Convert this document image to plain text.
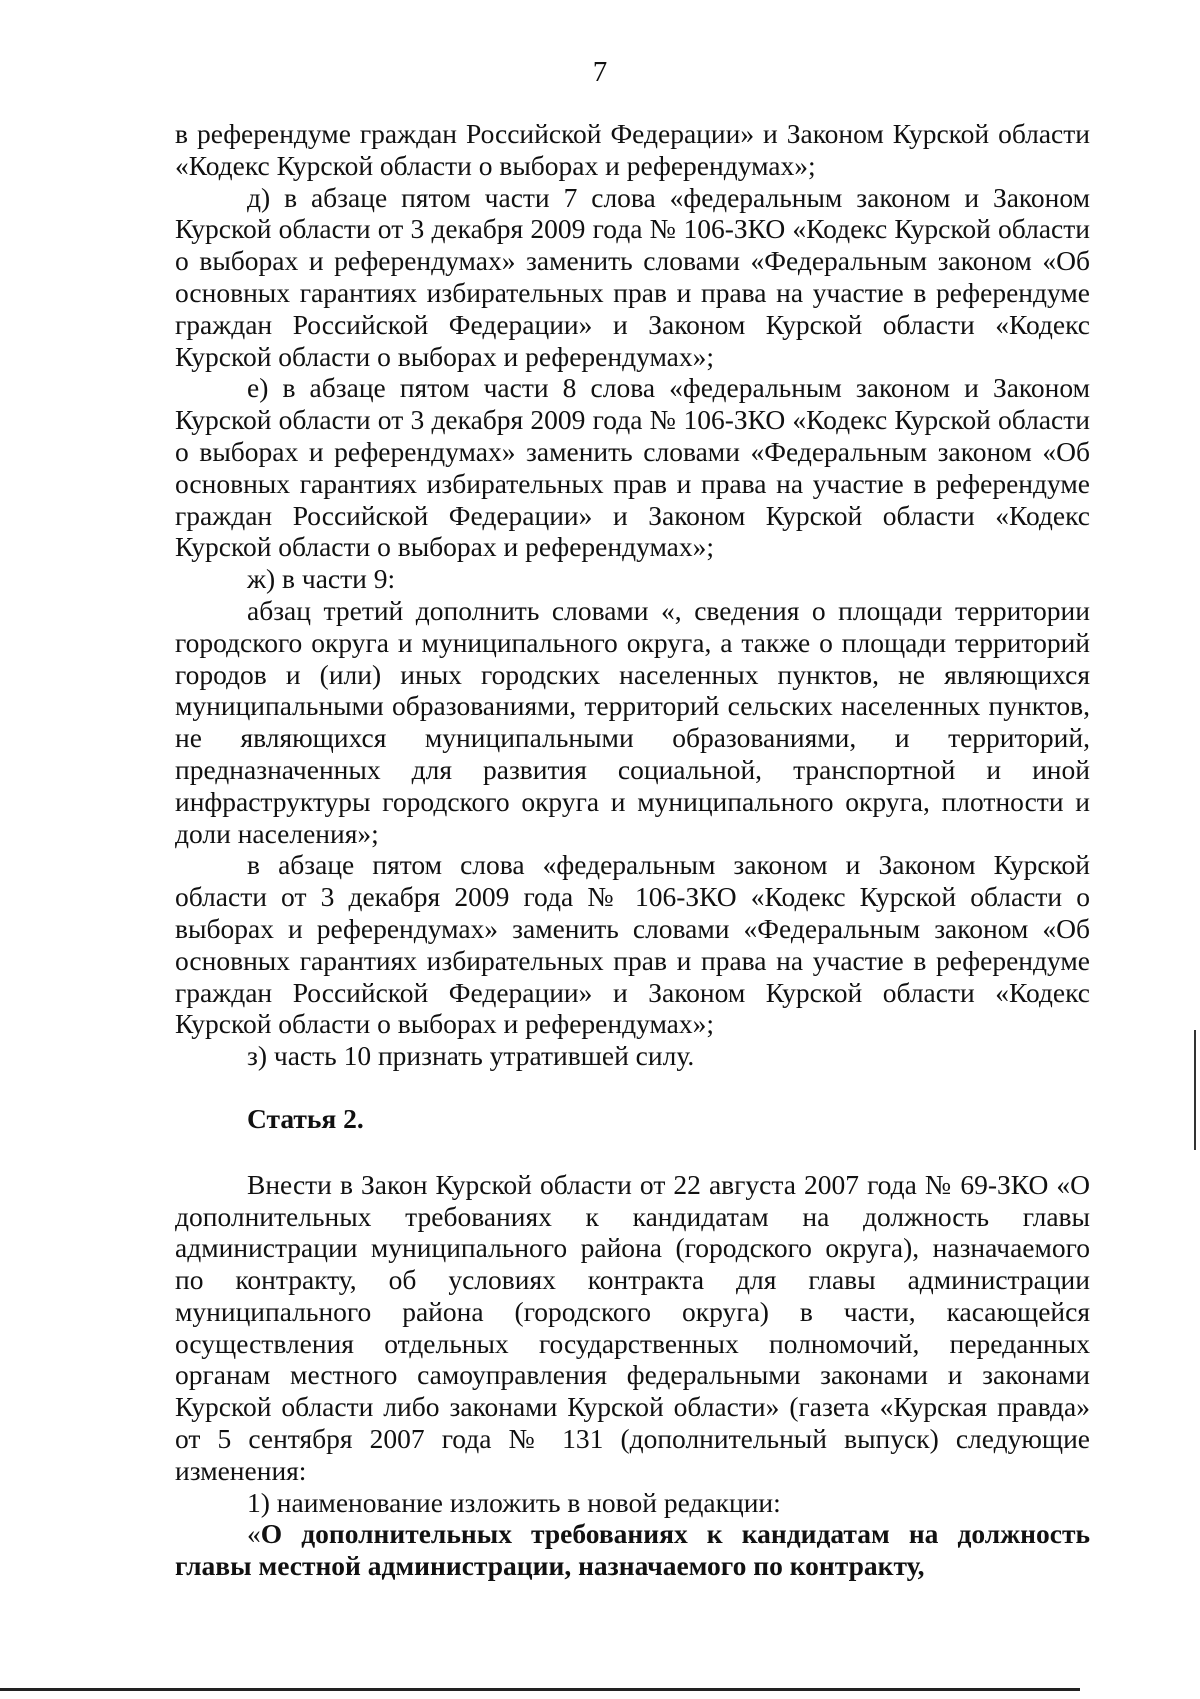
7

в референдуме граждан Российской Федерации» и Законом Курской области «Кодекс Курской области о выборах и референдумах»;

д) в абзаце пятом части 7 слова «федеральным законом и Законом Курской области от 3 декабря 2009 года № 106-ЗКО «Кодекс Курской области о выборах и референдумах» заменить словами «Федеральным законом «Об основных гарантиях избирательных прав и права на участие в референдуме граждан Российской Федерации» и Законом Курской области «Кодекс Курской области о выборах и референдумах»;

е) в абзаце пятом части 8 слова «федеральным законом и Законом Курской области от 3 декабря 2009 года № 106-ЗКО «Кодекс Курской области о выборах и референдумах» заменить словами «Федеральным законом «Об основных гарантиях избирательных прав и права на участие в референдуме граждан Российской Федерации» и Законом Курской области «Кодекс Курской области о выборах и референдумах»;

ж) в части 9:

абзац третий дополнить словами «, сведения о площади территории городского округа и муниципального округа, а также о площади территорий городов и (или) иных городских населенных пунктов, не являющихся муниципальными образованиями, территорий сельских населенных пунктов, не являющихся муниципальными образованиями, и территорий, предназначенных для развития социальной, транспортной и иной инфраструктуры городского округа и муниципального округа, плотности и доли населения»;

в абзаце пятом слова «федеральным законом и Законом Курской области от 3 декабря 2009 года № 106-ЗКО «Кодекс Курской области о выборах и референдумах» заменить словами «Федеральным законом «Об основных гарантиях избирательных прав и права на участие в референдуме граждан Российской Федерации» и Законом Курской области «Кодекс Курской области о выборах и референдумах»;

з) часть 10 признать утратившей силу.

Статья 2.

Внести в Закон Курской области от 22 августа 2007 года № 69-ЗКО «О дополнительных требованиях к кандидатам на должность главы администрации муниципального района (городского округа), назначаемого по контракту, об условиях контракта для главы администрации муниципального района (городского округа) в части, касающейся осуществления отдельных государственных полномочий, переданных органам местного самоуправления федеральными законами и законами Курской области либо законами Курской области» (газета «Курская правда» от 5 сентября 2007 года № 131 (дополнительный выпуск) следующие изменения:

1) наименование изложить в новой редакции:

«О дополнительных требованиях к кандидатам на должность главы местной администрации, назначаемого по контракту,
